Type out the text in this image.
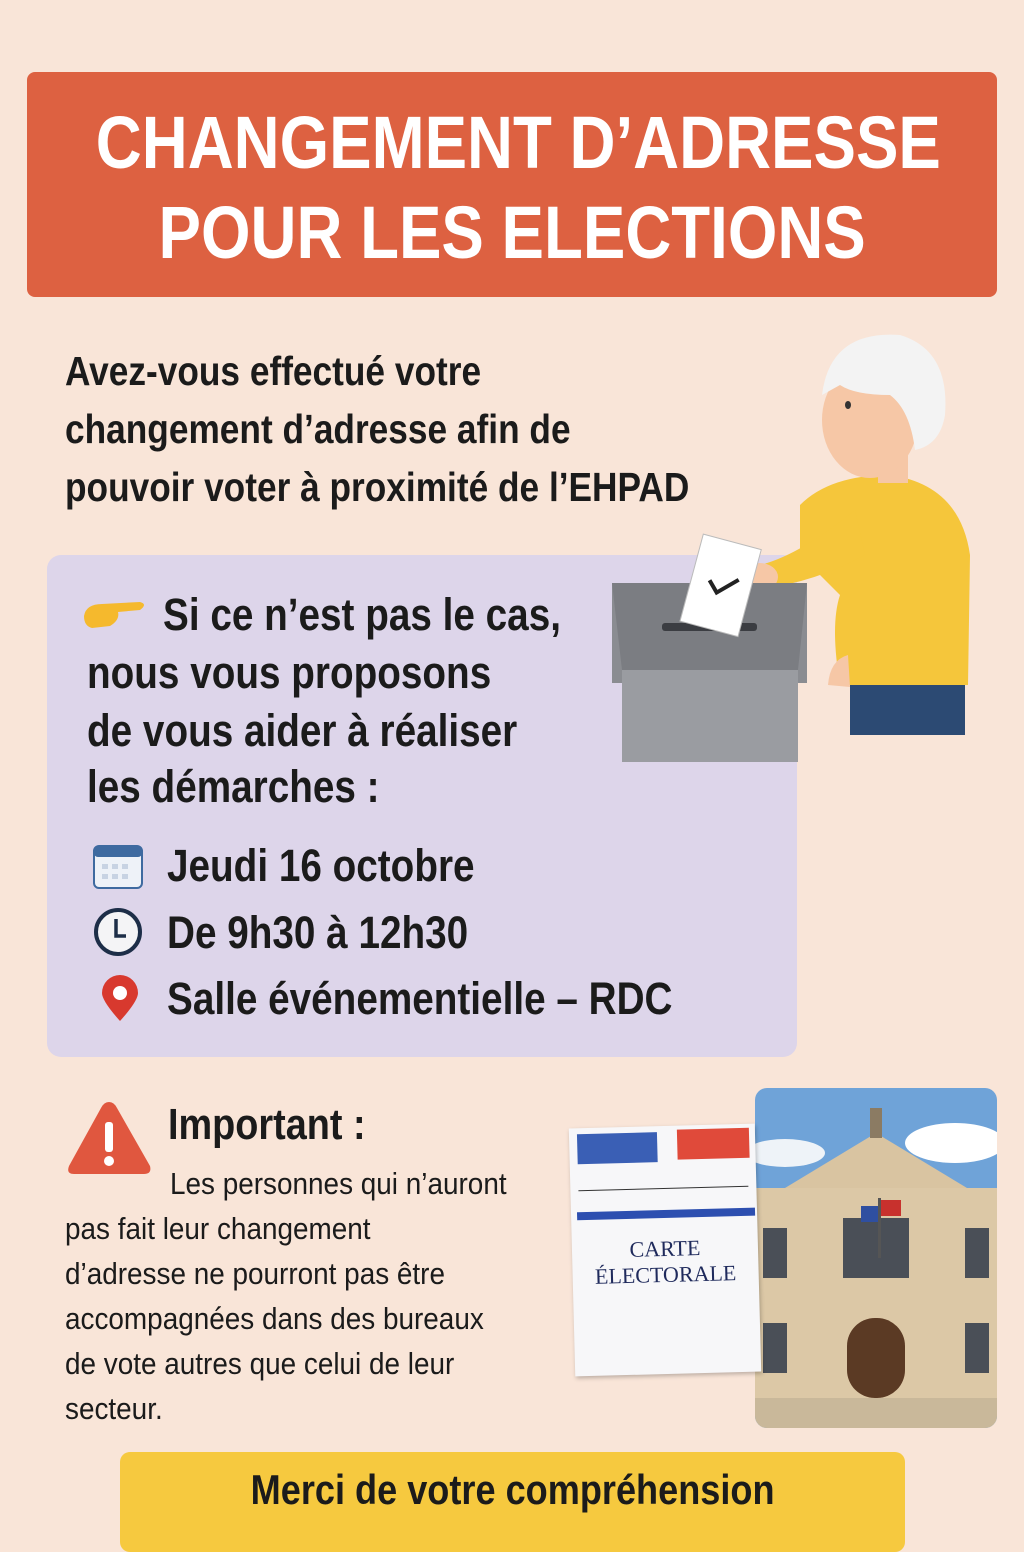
CHANGEMENT D’ADRESSE
POUR LES ELECTIONS
Avez-vous effectué votre
changement d’adresse afin de
pouvoir voter à proximité de l’EHPAD
Si ce n’est pas le cas,
nous vous proposons
de vous aider à réaliser
les démarches :
Jeudi 16 octobre
De 9h30 à 12h30
Salle événementielle – RDC
Important :
Les personnes qui n’auront
pas fait leur changement
d’adresse ne pourront pas être
accompagnées dans des bureaux
de vote autres que celui de leur
secteur.
CARTE
ÉLECTORALE
Merci de votre compréhension
